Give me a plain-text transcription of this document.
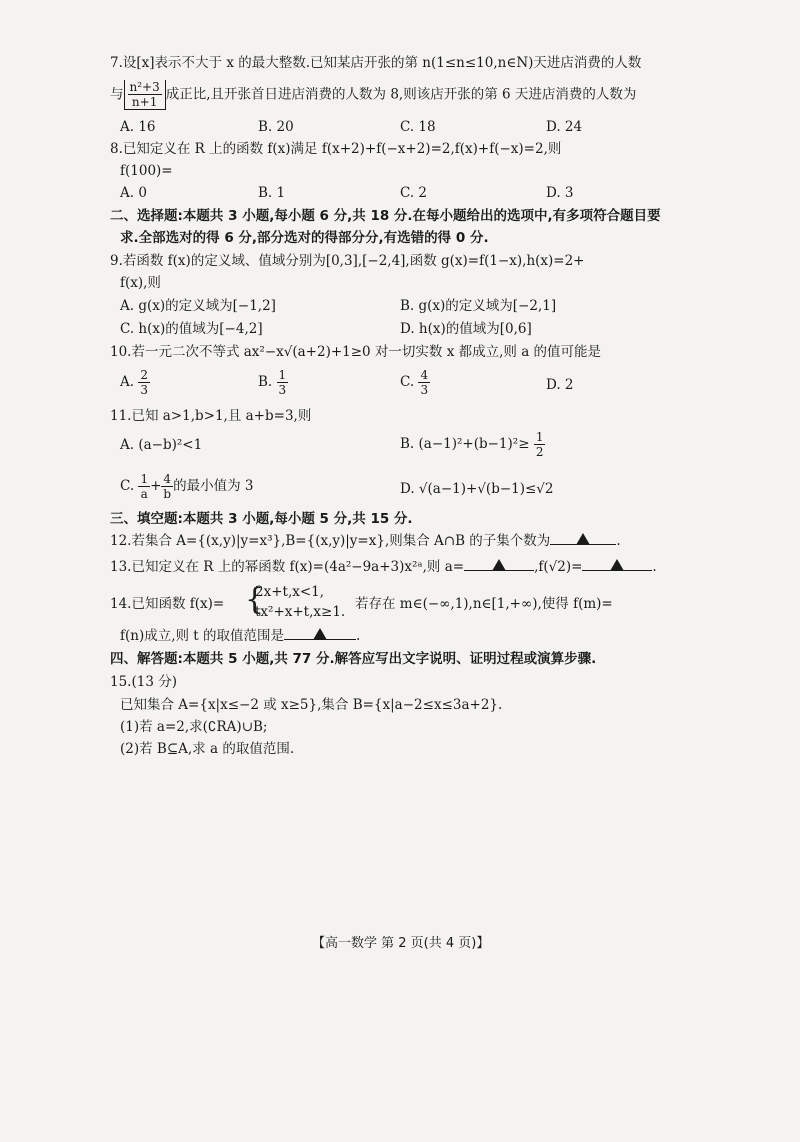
7.设[x]表示不大于 x 的最大整数.已知某店开张的第 n(1≤n≤10,n∈N)天进店消费的人数
与 $\frac{\text{n²+3}}{n+1}$ 成正比,且开张首日进店消费的人数为 8,则该店开张的第 6 天进店消费的人数为
A. 16	B. 20	C. 18	D. 24
8.已知定义在 R 上的函数 f(x)满足 f(x+2)+f(−x+2)=2,f(x)+f(−x)=2,则
f(100)=
A. 0	B. 1	C. 2	D. 3
二、选择题:本题共 3 小题,每小题 6 分,共 18 分.在每小题给出的选项中,有多项符合题目要
求.全部选对的得 6 分,部分选对的得部分分,有选错的得 0 分.
9.若函数 f(x)的定义域、值域分别为[0,3],[−2,4],函数 g(x)=f(1−x),h(x)=2+
f(x),则
A. g(x)的定义域为[−1,2]	B. g(x)的定义域为[−2,1]
C. h(x)的值域为[−4,2]	D. h(x)的值域为[0,6]
10.若一元二次不等式 ax²−x√(a+2)+1≥0 对一切实数 x 都成立,则 a 的值可能是
A. $\frac{2}{3}$	B. $\frac{1}{3}$	C. $\frac{4}{3}$	D. 2
11.已知 a>1,b>1,且 a+b=3,则
A. (a−b)²<1	B. $(a-1)^2+(b-1)^2\ge \frac{1}{2}$
C. $\frac{1}{a} + \frac{4}{b}$ 的最小值为 3	D. √(a−1)+√(b−1)≤√2
三、填空题:本题共 3 小题,每小题 5 分,共 15 分.
12.若集合 A={(x,y)|y=x³},B={(x,y)|y=x},则集合 A∩B 的子集个数为	.
13.已知定义在 R 上的幂函数 f(x)=(4a²−9a+3)x²ᵃ,则 a=	,f(√2)=	.
14.已知函数 f(x)= {
2x+t,x<1,
tx²+x+t,x≥1. 若存在 m∈(−∞,1),n∈[1,+∞),使得 f(m)=
f(n)成立,则 t 的取值范围是	.
四、解答题:本题共 5 小题,共 77 分.解答应写出文字说明、证明过程或演算步骤.
15.(13 分)
已知集合 A={x|x≤−2 或 x≥5},集合 B={x|a−2≤x≤3a+2}.
(1)若 a=2,求(∁RA)∪B;
(2)若 B⊆A,求 a 的取值范围.
【高一数学 第 2 页(共 4 页)】
